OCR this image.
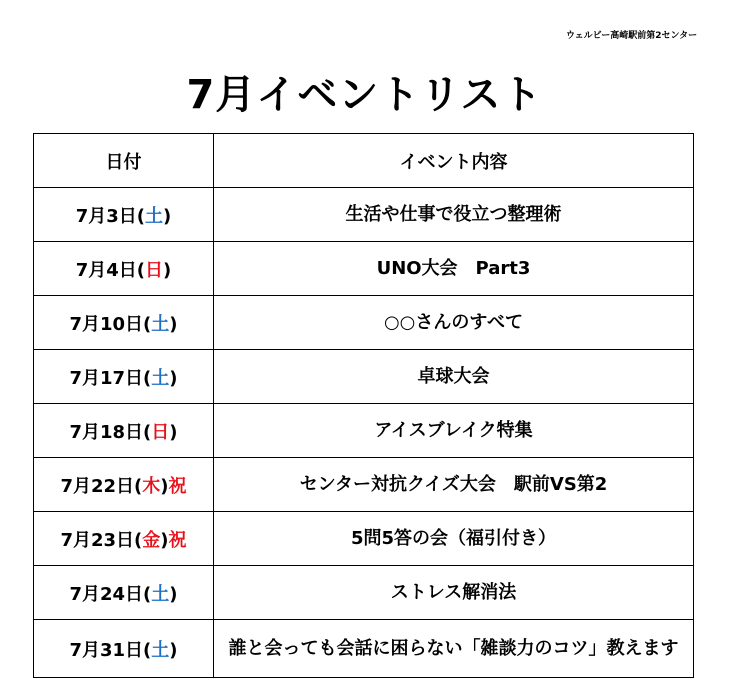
ウェルビー高崎駅前第2センター
7月イベントリスト
日付	イベント内容
7月3日(土)	生活や仕事で役立つ整理術
7月4日(日)	UNO大会　Part3
7月10日(土)	○○さんのすべて
7月17日(土)	卓球大会
7月18日(日)	アイスブレイク特集
7月22日(木)祝	センター対抗クイズ大会　駅前VS第2
7月23日(金)祝	5問5答の会（福引付き）
7月24日(土)	ストレス解消法
7月31日(土)	誰と会っても会話に困らない「雑談力のコツ」教えます
